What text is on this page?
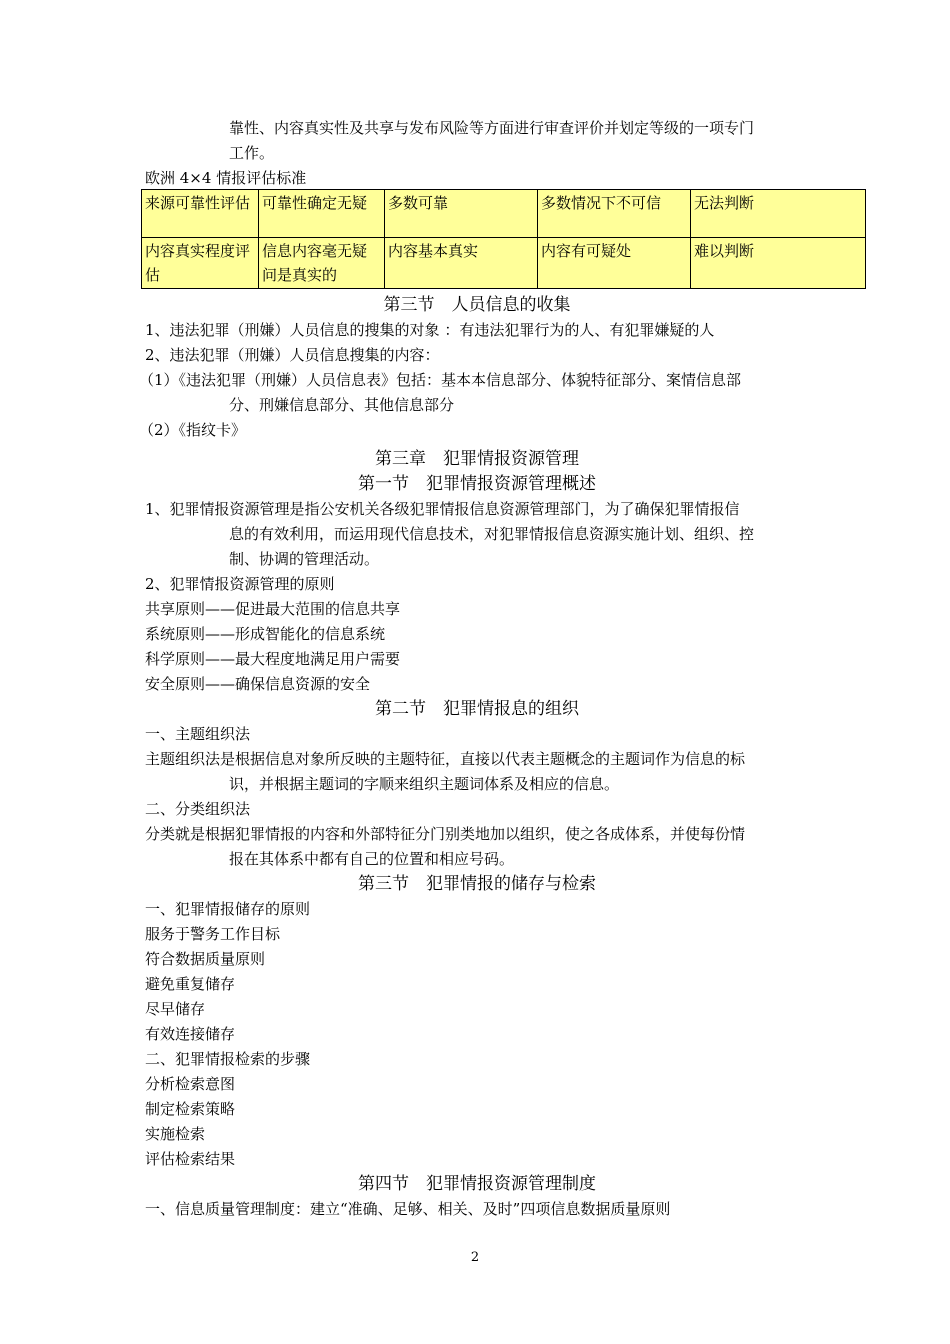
靠性、内容真实性及共享与发布风险等方面进行审查评价并划定等级的一项专门

工作。

欧洲 4×4 情报评估标准

来源可靠性评估	可靠性确定无疑	多数可靠	多数情况下不可信	无法判断
内容真实程度评估	信息内容毫无疑问是真实的	内容基本真实	内容有可疑处	难以判断

第三节　人员信息的收集

1、违法犯罪（刑嫌）人员信息的搜集的对象 ：有违法犯罪行为的人、有犯罪嫌疑的人

2、违法犯罪（刑嫌）人员信息搜集的内容：

（1）《违法犯罪（刑嫌）人员信息表》包括：基本本信息部分、体貌特征部分、案情信息部

分、刑嫌信息部分、其他信息部分

（2）《指纹卡》

第三章　犯罪情报资源管理

第一节　犯罪情报资源管理概述

1、犯罪情报资源管理是指公安机关各级犯罪情报信息资源管理部门，为了确保犯罪情报信

息的有效利用，而运用现代信息技术，对犯罪情报信息资源实施计划、组织、控

制、协调的管理活动。

2、犯罪情报资源管理的原则

共享原则——促进最大范围的信息共享

系统原则——形成智能化的信息系统

科学原则——最大程度地满足用户需要

安全原则——确保信息资源的安全

第二节　犯罪情报息的组织

一、主题组织法

主题组织法是根据信息对象所反映的主题特征，直接以代表主题概念的主题词作为信息的标

识，并根据主题词的字顺来组织主题词体系及相应的信息。

二、分类组织法

分类就是根据犯罪情报的内容和外部特征分门别类地加以组织，使之各成体系，并使每份情

报在其体系中都有自己的位置和相应号码。

第三节　犯罪情报的储存与检索

一、犯罪情报储存的原则

服务于警务工作目标

符合数据质量原则

避免重复储存

尽早储存

有效连接储存

二、犯罪情报检索的步骤

分析检索意图

制定检索策略

实施检索

评估检索结果

第四节　犯罪情报资源管理制度

一、信息质量管理制度：建立“准确、足够、相关、及时”四项信息数据质量原则

2
